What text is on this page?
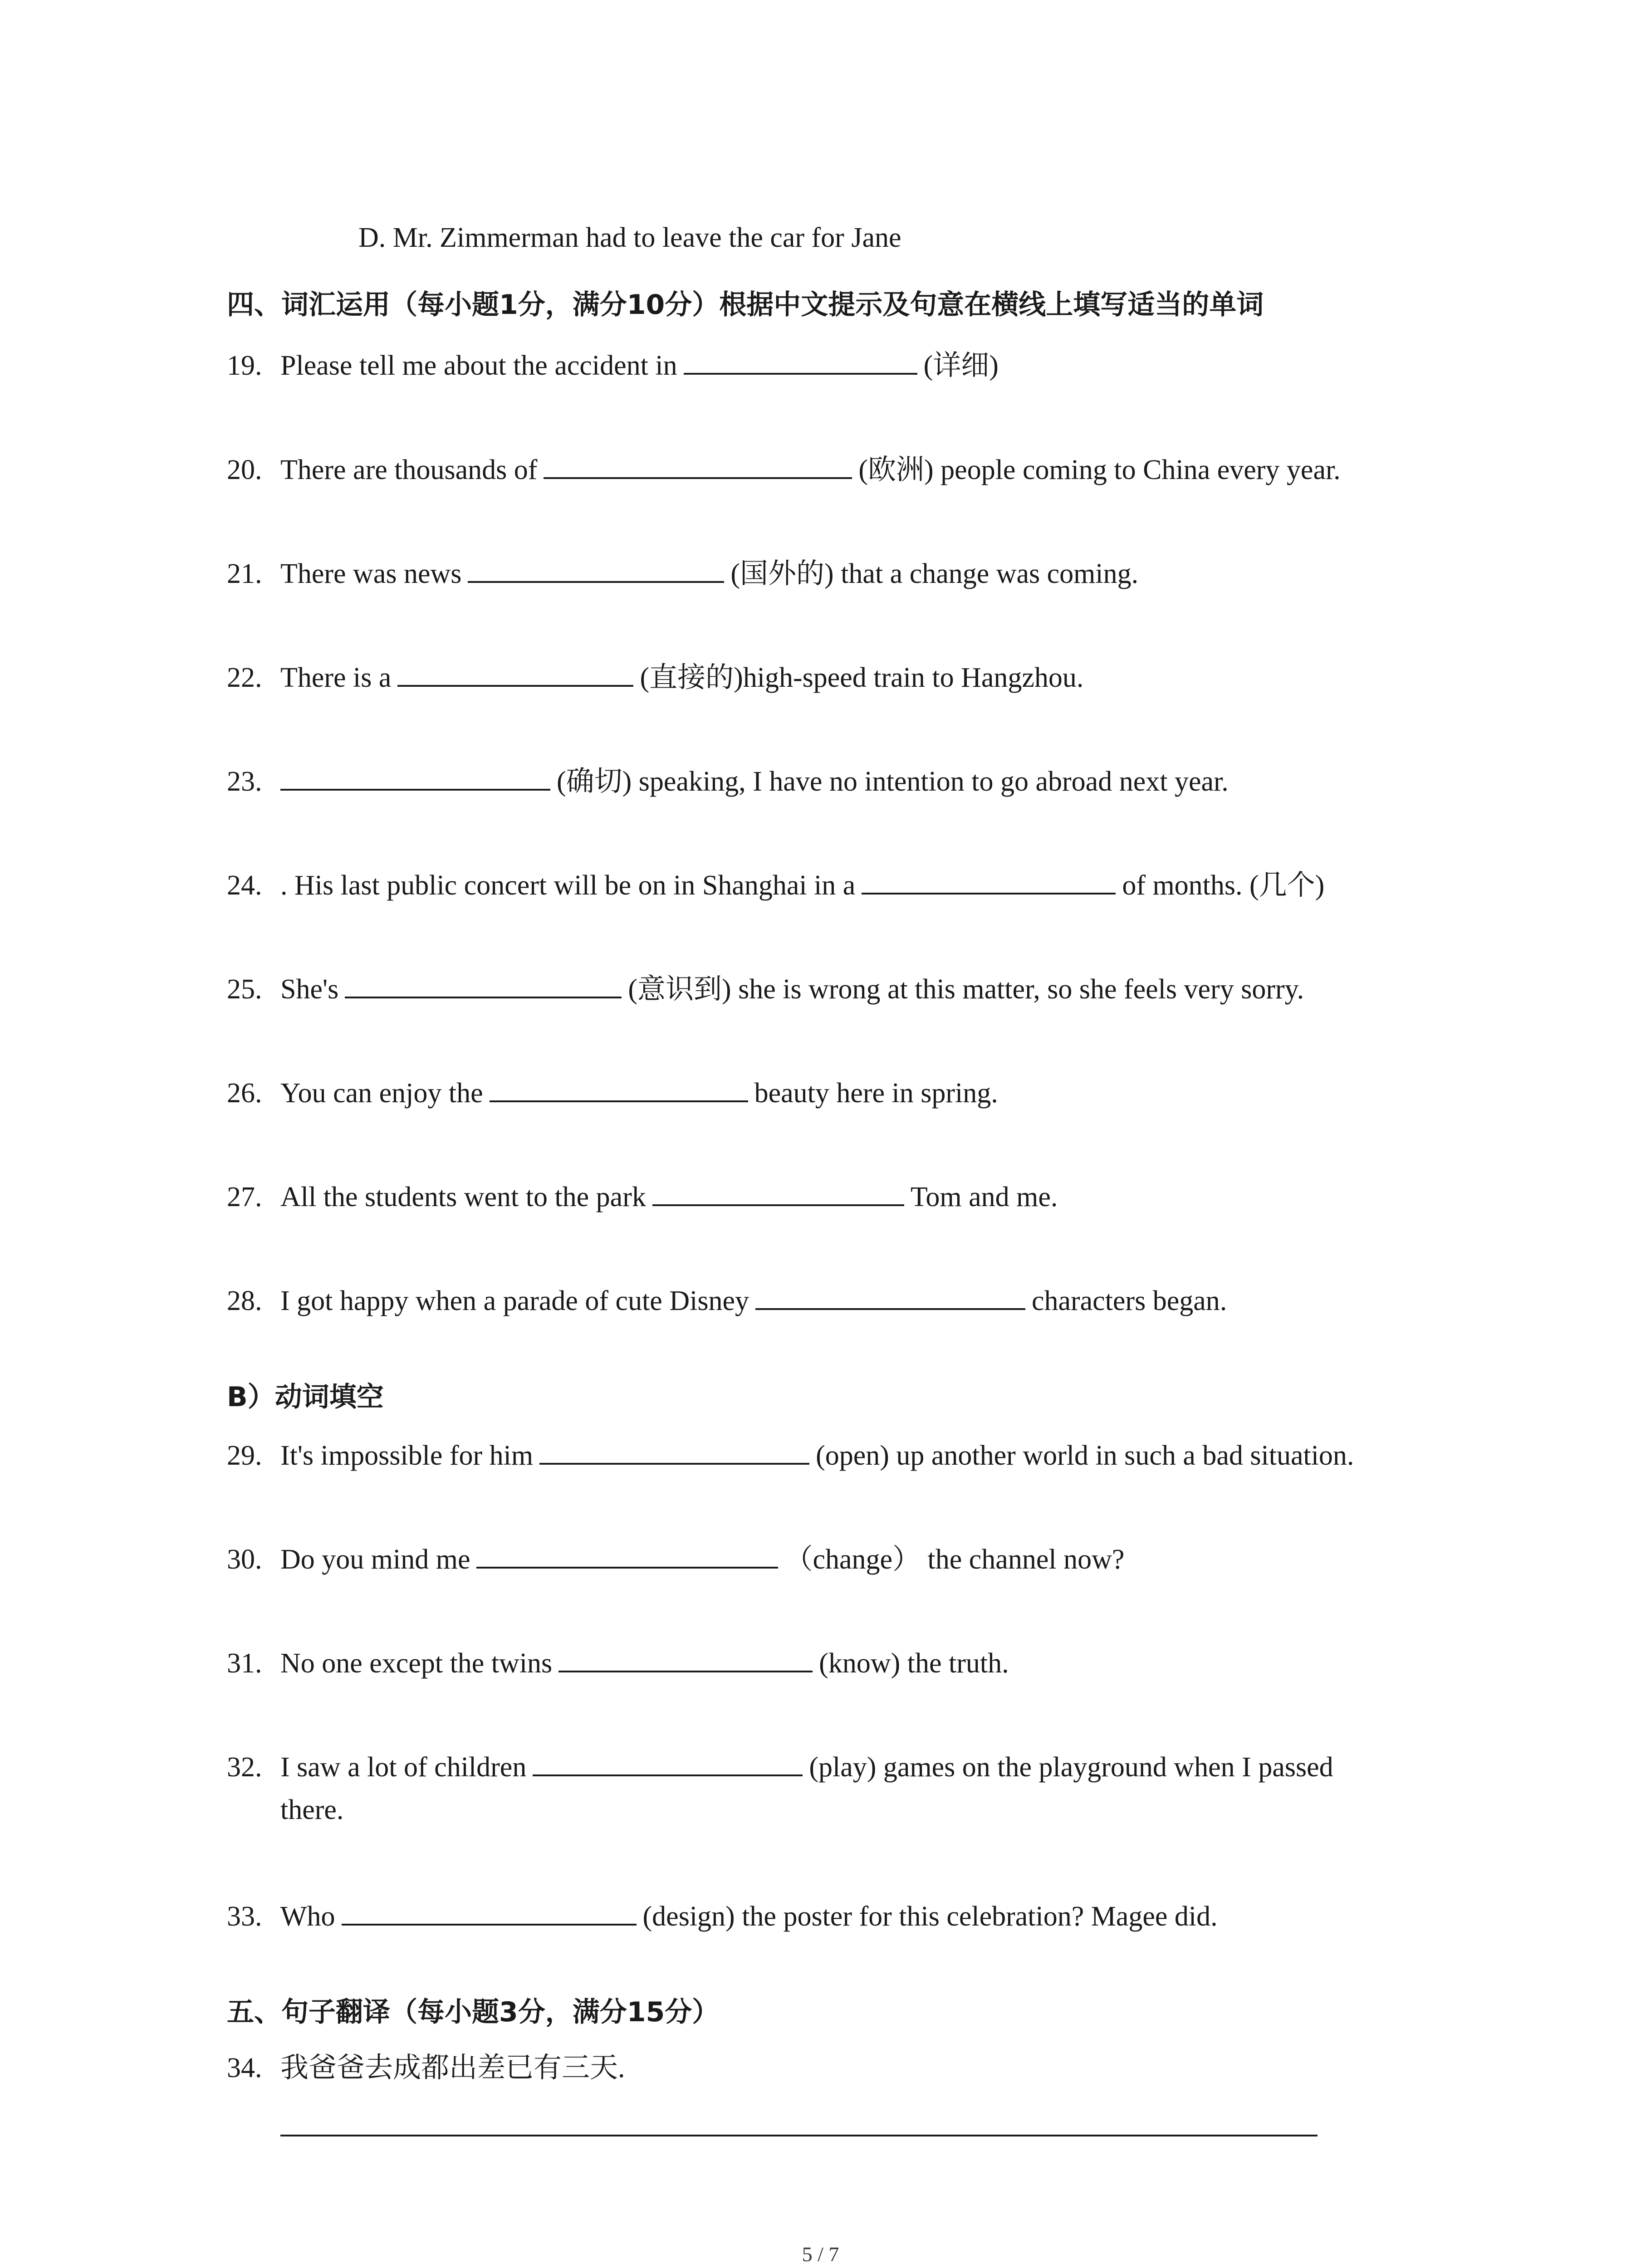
D. Mr. Zimmerman had to leave the car for Jane
四、词汇运用（每小题1分，满分10分）根据中文提示及句意在横线上填写适当的单词
19. Please tell me about the accident in	(详细)
20. There are thousands of	(欧洲) people coming to China every year.
21. There was news	(国外的) that a change was coming.
22. There is a	(直接的)high-speed train to Hangzhou.
23.	(确切) speaking, I have no intention to go abroad next year.
24. . His last public concert will be on in Shanghai in a	of months. (几个)
25. She's	(意识到) she is wrong at this matter, so she feels very sorry.
26. You can enjoy the	beauty here in spring.
27. All the students went to the park	Tom and me.
28. I got happy when a parade of cute Disney	characters began.
B）动词填空
29. It's impossible for him	(open) up another world in such a bad situation.
30. Do you mind me	（change） the channel now?
31. No one except the twins	(know) the truth.
32. I saw a lot of children	(play) games on the playground when I passed
there.
33. Who	(design) the poster for this celebration? Magee did.
五、句子翻译（每小题3分，满分15分）
34. 我爸爸去成都出差已有三天.
5 / 7
